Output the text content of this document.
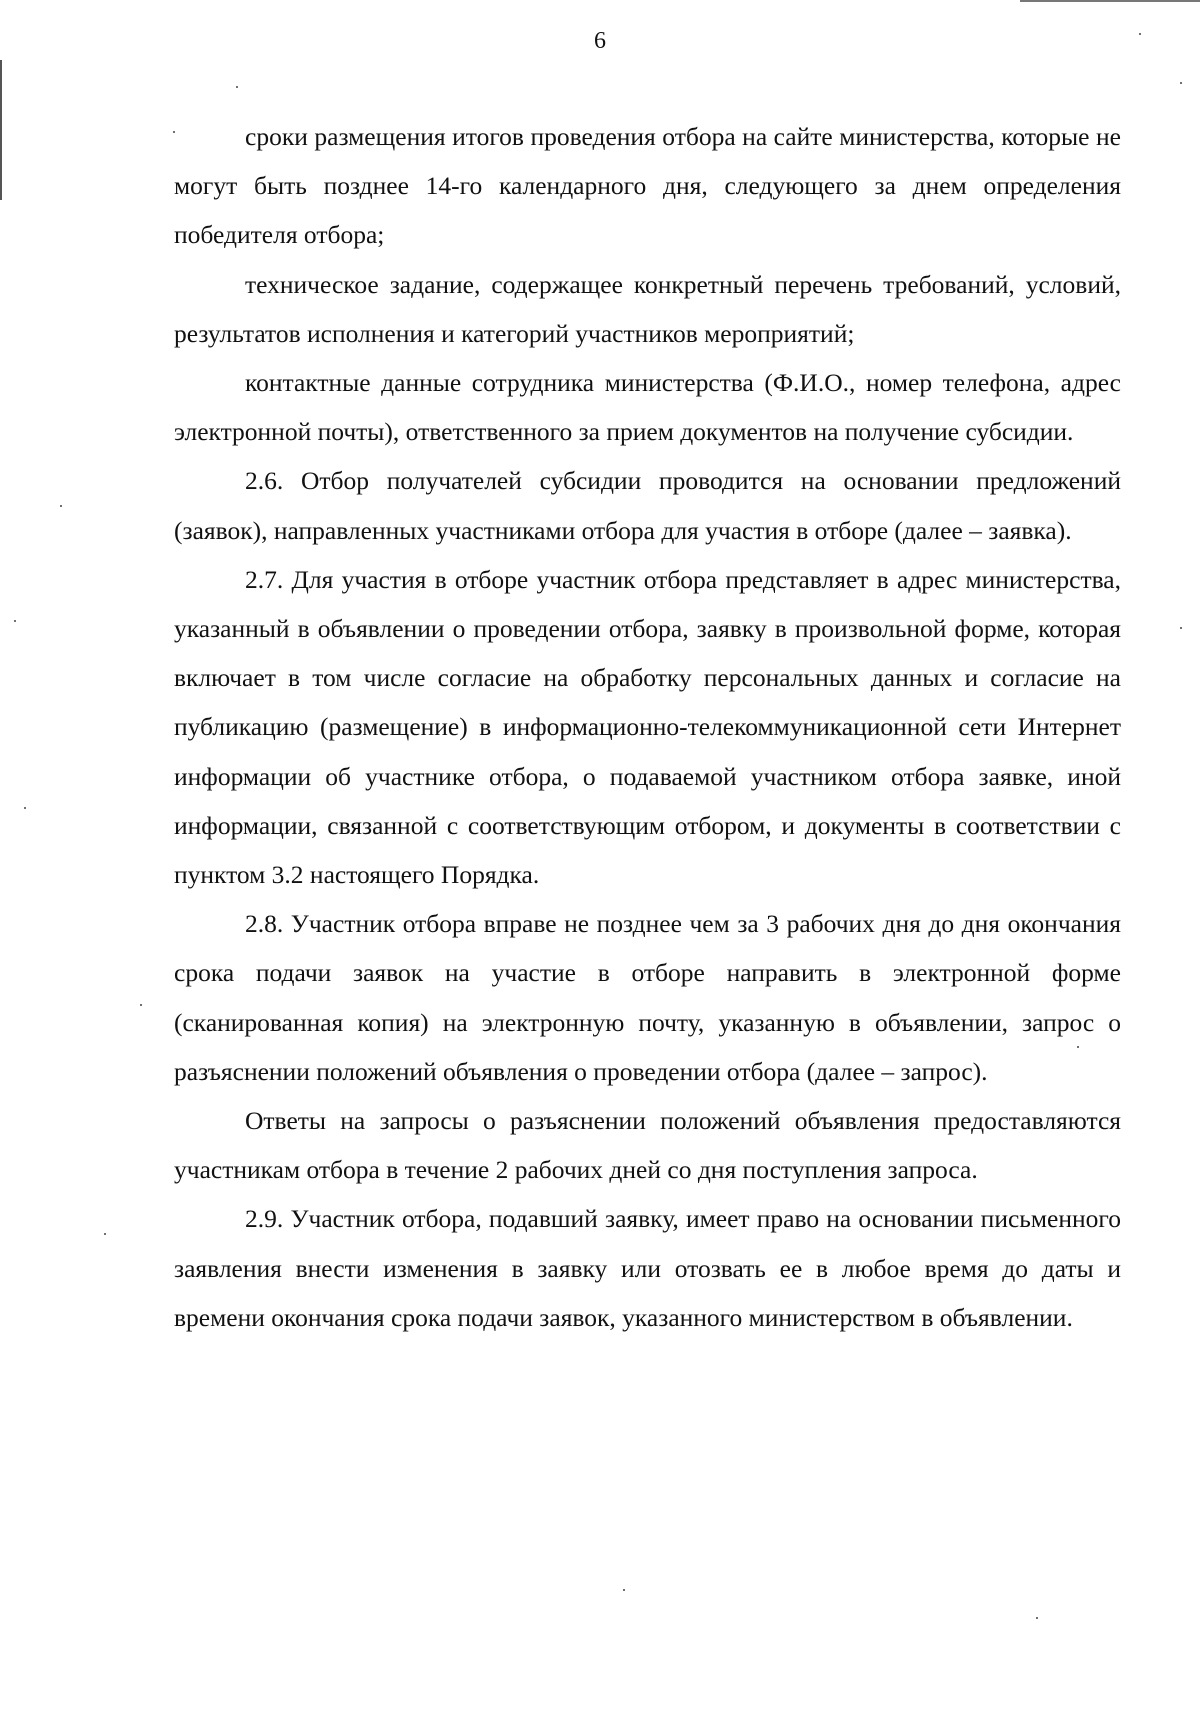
6

сроки размещения итогов проведения отбора на сайте министерства, которые не могут быть позднее 14-го календарного дня, следующего за днем определения победителя отбора;

техническое задание, содержащее конкретный перечень требований, условий, результатов исполнения и категорий участников мероприятий;

контактные данные сотрудника министерства (Ф.И.О., номер телефона, адрес электронной почты), ответственного за прием документов на получение субсидии.

2.6. Отбор получателей субсидии проводится на основании предложений (заявок), направленных участниками отбора для участия в отборе (далее – заявка).

2.7. Для участия в отборе участник отбора представляет в адрес министерства, указанный в объявлении о проведении отбора, заявку в произвольной форме, которая включает в том числе согласие на обработку персональных данных и согласие на публикацию (размещение) в информационно-телекоммуникационной сети Интернет информации об участнике отбора, о подаваемой участником отбора заявке, иной информации, связанной с соответствующим отбором, и документы в соответствии с пунктом 3.2 настоящего Порядка.

2.8. Участник отбора вправе не позднее чем за 3 рабочих дня до дня окончания срока подачи заявок на участие в отборе направить в электронной форме (сканированная копия) на электронную почту, указанную в объявлении, запрос о разъяснении положений объявления о проведении отбора (далее – запрос).

Ответы на запросы о разъяснении положений объявления предоставляются участникам отбора в течение 2 рабочих дней со дня поступления запроса.

2.9. Участник отбора, подавший заявку, имеет право на основании письменного заявления внести изменения в заявку или отозвать ее в любое время до даты и времени окончания срока подачи заявок, указанного министерством в объявлении.
